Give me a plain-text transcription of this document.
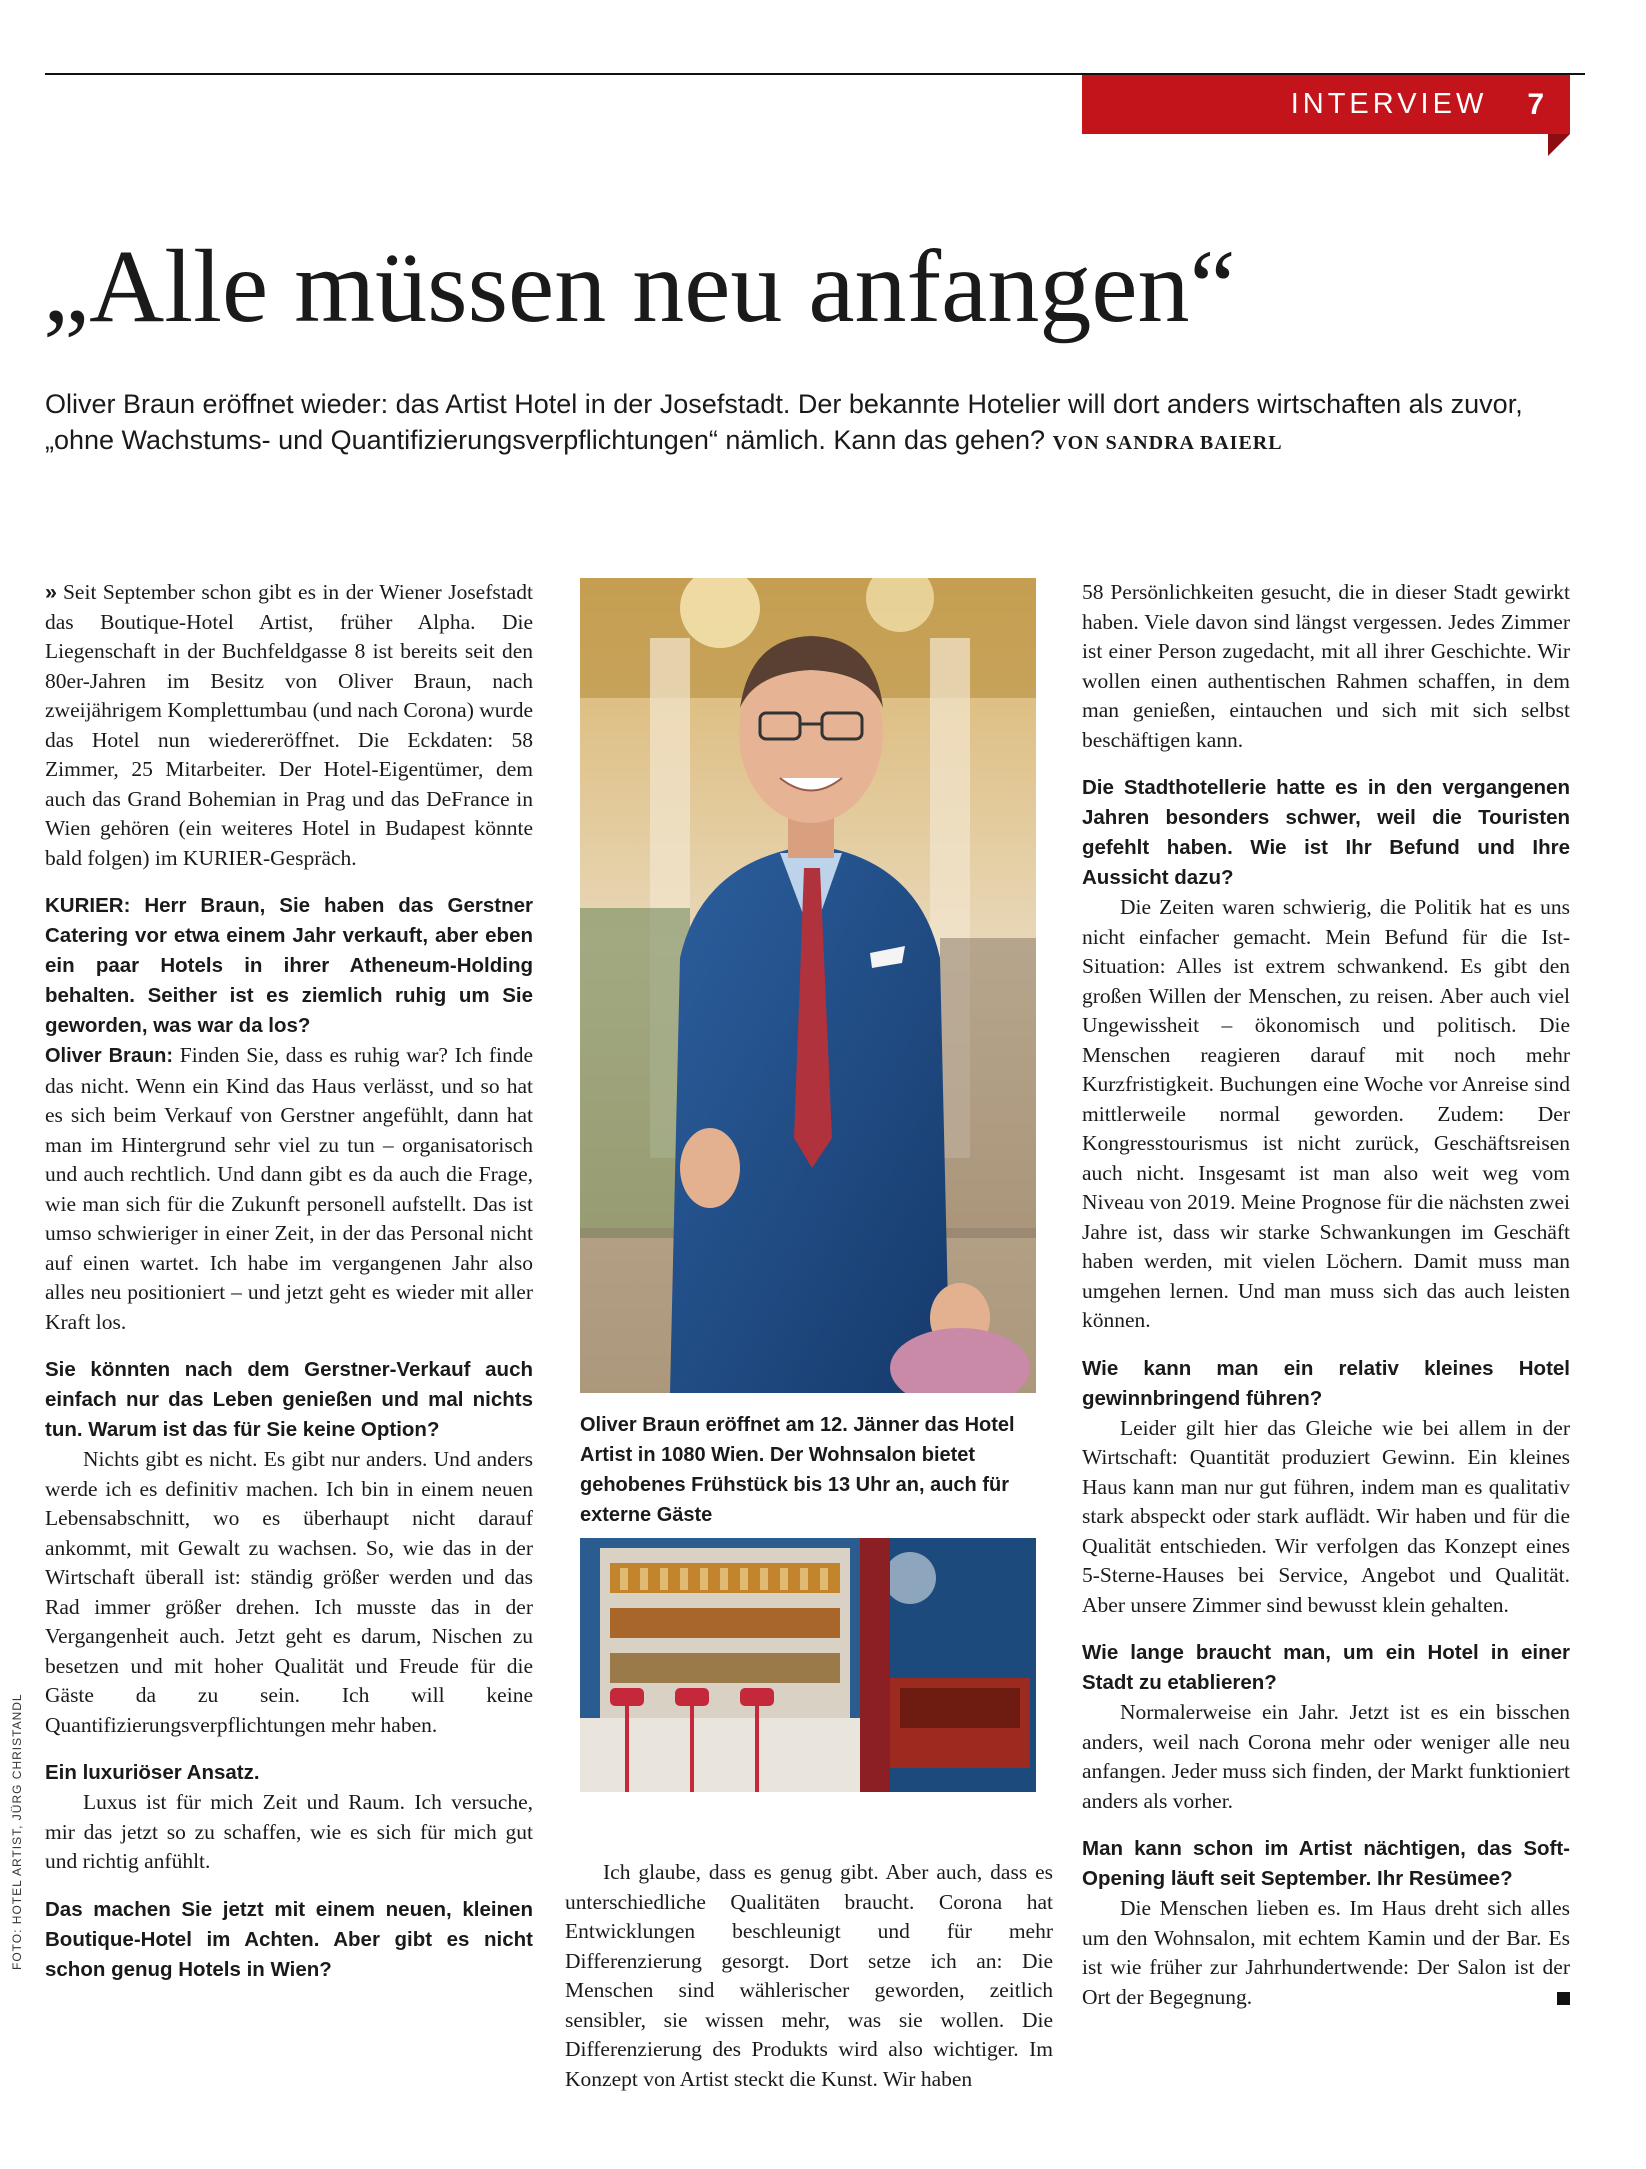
INTERVIEW 7
„Alle müssen neu anfangen“

Oliver Braun eröffnet wieder: das Artist Hotel in der Josefstadt. Der bekannte Hotelier will dort anders wirtschaften als zuvor, „ohne Wachstums- und Quantifizierungsverpflichtungen“ nämlich. Kann das gehen? VON SANDRA BAIERL

» Seit September schon gibt es in der Wiener Josefstadt das Boutique-Hotel Artist, früher Alpha. Die Liegenschaft in der Buchfeldgasse 8 ist bereits seit den 80er-Jahren im Besitz von Oliver Braun, nach zweijährigem Komplettumbau (und nach Corona) wurde das Hotel nun wiedereröffnet. Die Eckdaten: 58 Zimmer, 25 Mitarbeiter. Der Hotel-Eigentümer, dem auch das Grand Bohemian in Prag und das DeFrance in Wien gehören (ein weiteres Hotel in Budapest könnte bald folgen) im KURIER-Gespräch.

KURIER: Herr Braun, Sie haben das Gerstner Catering vor etwa einem Jahr verkauft, aber eben ein paar Hotels in ihrer Atheneum-Holding behalten. Seither ist es ziemlich ruhig um Sie geworden, was war da los?

Oliver Braun: Finden Sie, dass es ruhig war? Ich finde das nicht. Wenn ein Kind das Haus verlässt, und so hat es sich beim Verkauf von Gerstner angefühlt, dann hat man im Hintergrund sehr viel zu tun – organisatorisch und auch rechtlich. Und dann gibt es da auch die Frage, wie man sich für die Zukunft personell aufstellt. Das ist umso schwieriger in einer Zeit, in der das Personal nicht auf einen wartet. Ich habe im vergangenen Jahr also alles neu positioniert – und jetzt geht es wieder mit aller Kraft los.

Sie könnten nach dem Gerstner-Verkauf auch einfach nur das Leben genießen und mal nichts tun. Warum ist das für Sie keine Option?

Nichts gibt es nicht. Es gibt nur anders. Und anders werde ich es definitiv machen. Ich bin in einem neuen Lebensabschnitt, wo es überhaupt nicht darauf ankommt, mit Gewalt zu wachsen. So, wie das in der Wirtschaft überall ist: ständig größer werden und das Rad immer größer drehen. Ich musste das in der Vergangenheit auch. Jetzt geht es darum, Nischen zu besetzen und mit hoher Qualität und Freude für die Gäste da zu sein. Ich will keine Quantifizierungsverpflichtungen mehr haben.

Ein luxuriöser Ansatz.

Luxus ist für mich Zeit und Raum. Ich versuche, mir das jetzt so zu schaffen, wie es sich für mich gut und richtig anfühlt.

Das machen Sie jetzt mit einem neuen, kleinen Boutique-Hotel im Achten. Aber gibt es nicht schon genug Hotels in Wien?

Oliver Braun eröffnet am 12. Jänner das Hotel Artist in 1080 Wien. Der Wohnsalon bietet gehobenes Frühstück bis 13 Uhr an, auch für externe Gäste

FOTO: HOTEL ARTIST, JÜRG CHRISTANDL	Ich glaube, dass es genug gibt. Aber auch, dass es unterschiedliche Qualitäten braucht. Corona hat Entwicklungen beschleunigt und für mehr Differenzierung gesorgt. Dort setze ich an: Die Menschen sind wählerischer geworden, zeitlich sensibler, sie wissen mehr, was sie wollen. Die Differenzierung des Produkts wird also wichtiger. Im Konzept von Artist steckt die Kunst. Wir haben

58 Persönlichkeiten gesucht, die in dieser Stadt gewirkt haben. Viele davon sind längst vergessen. Jedes Zimmer ist einer Person zugedacht, mit all ihrer Geschichte. Wir wollen einen authentischen Rahmen schaffen, in dem man genießen, eintauchen und sich mit sich selbst beschäftigen kann.

Die Stadthotellerie hatte es in den vergangenen Jahren besonders schwer, weil die Touristen gefehlt haben. Wie ist Ihr Befund und Ihre Aussicht dazu?

Die Zeiten waren schwierig, die Politik hat es uns nicht einfacher gemacht. Mein Befund für die Ist-Situation: Alles ist extrem schwankend. Es gibt den großen Willen der Menschen, zu reisen. Aber auch viel Ungewissheit – ökonomisch und politisch. Die Menschen reagieren darauf mit noch mehr Kurzfristigkeit. Buchungen eine Woche vor Anreise sind mittlerweile normal geworden. Zudem: Der Kongresstourismus ist nicht zurück, Geschäftsreisen auch nicht. Insgesamt ist man also weit weg vom Niveau von 2019. Meine Prognose für die nächsten zwei Jahre ist, dass wir starke Schwankungen im Geschäft haben werden, mit vielen Löchern. Damit muss man umgehen lernen. Und man muss sich das auch leisten können.

Wie kann man ein relativ kleines Hotel gewinnbringend führen?

Leider gilt hier das Gleiche wie bei allem in der Wirtschaft: Quantität produziert Gewinn. Ein kleines Haus kann man nur gut führen, indem man es qualitativ stark abspeckt oder stark auflädt. Wir haben und für die Qualität entschieden. Wir verfolgen das Konzept eines 5-Sterne-Hauses bei Service, Angebot und Qualität. Aber unsere Zimmer sind bewusst klein gehalten.

Wie lange braucht man, um ein Hotel in einer Stadt zu etablieren?

Normalerweise ein Jahr. Jetzt ist es ein bisschen anders, weil nach Corona mehr oder weniger alle neu anfangen. Jeder muss sich finden, der Markt funktioniert anders als vorher.

Man kann schon im Artist nächtigen, das Soft-Opening läuft seit September. Ihr Resümee?

Die Menschen lieben es. Im Haus dreht sich alles um den Wohnsalon, mit echtem Kamin und der Bar. Es ist wie früher zur Jahrhundertwende: Der Salon ist der Ort der Begegnung.
